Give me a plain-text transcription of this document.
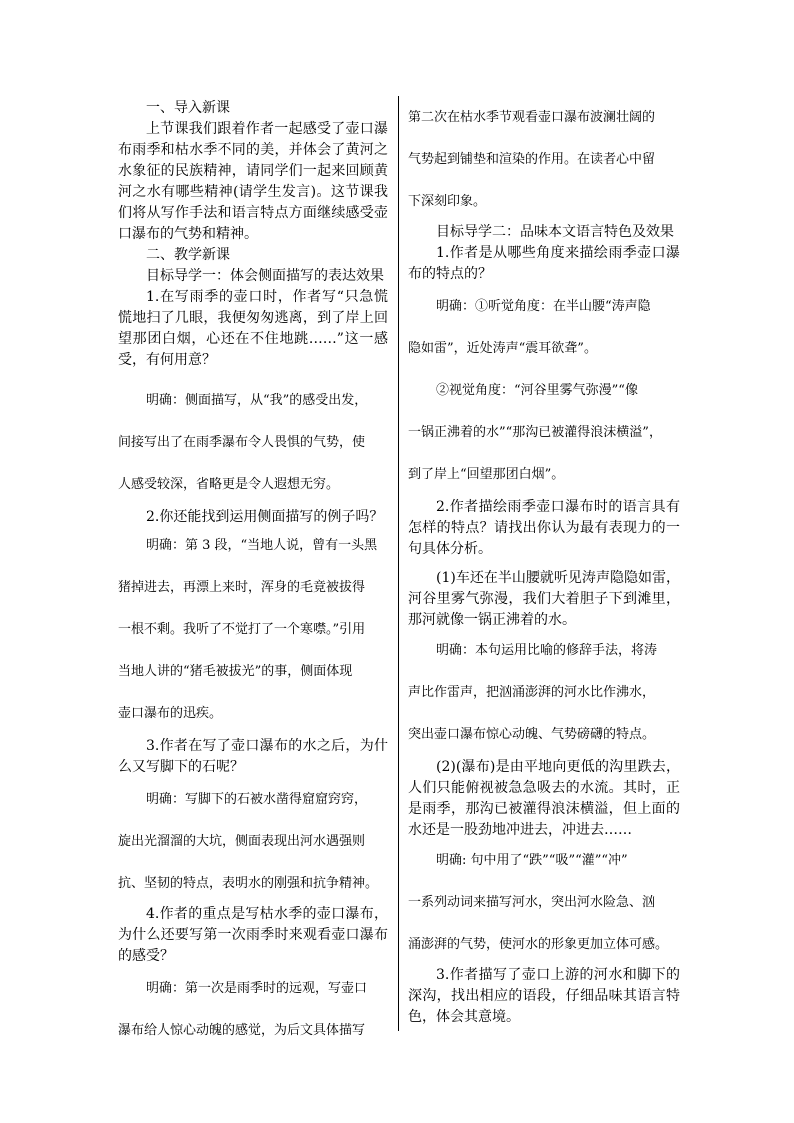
一、导入新课

上节课我们跟着作者一起感受了壶口瀑布雨季和枯水季不同的美，并体会了黄河之水象征的民族精神，请同学们一起来回顾黄河之水有哪些精神(请学生发言)。这节课我们将从写作手法和语言特点方面继续感受壶口瀑布的气势和精神。

二、教学新课

目标导学一：体会侧面描写的表达效果

1.在写雨季的壶口时，作者写“只急慌慌地扫了几眼，我便匆匆逃离，到了岸上回望那团白烟，心还在不住地跳……”这一感受，有何用意？

明确：侧面描写，从“我”的感受出发，
间接写出了在雨季瀑布令人畏惧的气势，使
人感受较深，省略更是令人遐想无穷。

2.你还能找到运用侧面描写的例子吗？

明确：第 3 段，“当地人说，曾有一头黑
猪掉进去，再漂上来时，浑身的毛竟被拔得
一根不剩。我听了不觉打了一个寒噤。”引用
当地人讲的“猪毛被拔光”的事，侧面体现
壶口瀑布的迅疾。

3.作者在写了壶口瀑布的水之后，为什么又写脚下的石呢？

明确：写脚下的石被水凿得窟窟窍窍，
旋出光溜溜的大坑，侧面表现出河水遇强则
抗、坚韧的特点，表明水的刚强和抗争精神。

4.作者的重点是写枯水季的壶口瀑布，为什么还要写第一次雨季时来观看壶口瀑布的感受？

明确：第一次是雨季时的远观，写壶口
瀑布给人惊心动魄的感觉，为后文具体描写
第二次在枯水季节观看壶口瀑布波澜壮阔的
气势起到铺垫和渲染的作用。在读者心中留
下深刻印象。

目标导学二：品味本文语言特色及效果

1.作者是从哪些角度来描绘雨季壶口瀑布的特点的？

明确：①听觉角度：在半山腰“涛声隐
隐如雷”，近处涛声“震耳欲聋”。
②视觉角度：“河谷里雾气弥漫”“像
一锅正沸着的水”“那沟已被灌得浪沫横溢”，
到了岸上“回望那团白烟”。

2.作者描绘雨季壶口瀑布时的语言具有怎样的特点？请找出你认为最有表现力的一句具体分析。

(1)车还在半山腰就听见涛声隐隐如雷，河谷里雾气弥漫，我们大着胆子下到滩里，那河就像一锅正沸着的水。

明确：本句运用比喻的修辞手法，将涛
声比作雷声，把汹涌澎湃的河水比作沸水，
突出壶口瀑布惊心动魄、气势磅礴的特点。

(2)(瀑布)是由平地向更低的沟里跌去，人们只能俯视被急急吸去的水流。其时，正是雨季，那沟已被灌得浪沫横溢，但上面的水还是一股劲地冲进去，冲进去……

明确: 句中用了“跌”“吸”“灌”“冲”
一系列动词来描写河水，突出河水险急、汹
涌澎湃的气势，使河水的形象更加立体可感。

3.作者描写了壶口上游的河水和脚下的深沟，找出相应的语段，仔细品味其语言特色，体会其意境。
